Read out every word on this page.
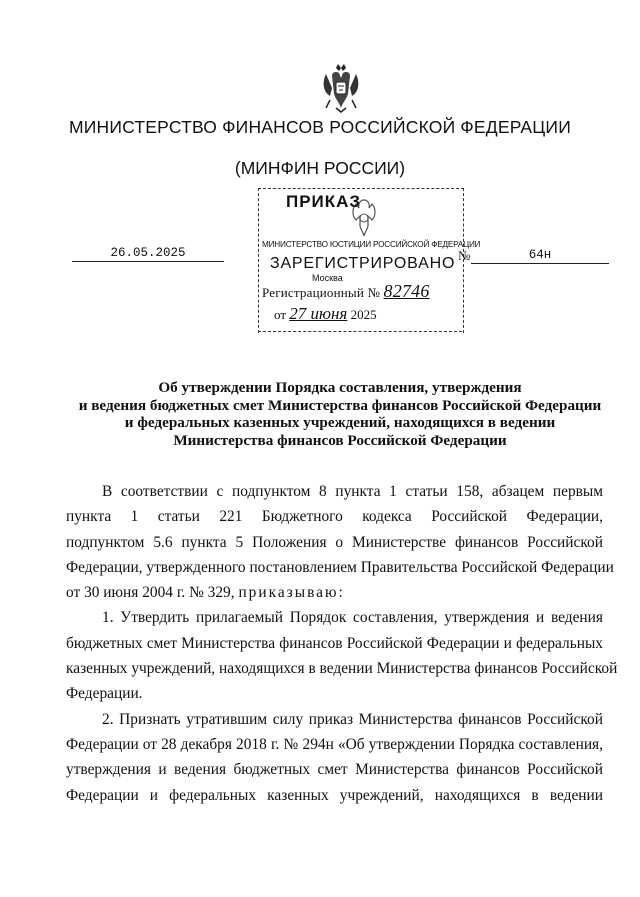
МИНИСТЕРСТВО ФИНАНСОВ РОССИЙСКОЙ ФЕДЕРАЦИИ
(МИНФИН РОССИИ)
ПРИКАЗ
МИНИСТЕРСТВО ЮСТИЦИИ РОССИЙСКОЙ ФЕДЕРАЦИИ
ЗАРЕГИСТРИРОВАНО
Москва
Регистрационный № 82746
от 27 июня 2025
26.05.2025	№	64н
Об утверждении Порядка составления, утверждения
и ведения бюджетных смет Министерства финансов Российской Федерации
и федеральных казенных учреждений, находящихся в ведении
Министерства финансов Российской Федерации
В соответствии с подпунктом 8 пункта 1 статьи 158, абзацем первым
пункта 1 статьи 221 Бюджетного кодекса Российской Федерации,
подпунктом 5.6 пункта 5 Положения о Министерстве финансов Российской
Федерации, утвержденного постановлением Правительства Российской Федерации
от 30 июня 2004 г. № 329, приказываю:
1. Утвердить прилагаемый Порядок составления, утверждения и ведения
бюджетных смет Министерства финансов Российской Федерации и федеральных
казенных учреждений, находящихся в ведении Министерства финансов Российской
Федерации.
2. Признать утратившим силу приказ Министерства финансов Российской
Федерации от 28 декабря 2018 г. № 294н «Об утверждении Порядка составления,
утверждения и ведения бюджетных смет Министерства финансов Российской
Федерации и федеральных казенных учреждений, находящихся в ведении
